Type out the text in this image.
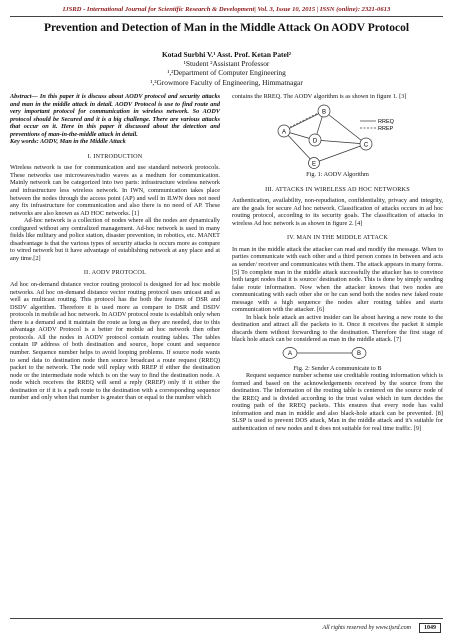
IJSRD - International Journal for Scientific Research & Development| Vol. 3, Issue 10, 2015 | ISSN (online): 2321-0613
Prevention and Detection of Man in the Middle Attack On AODV Protocol
Kotad Surbhi V.¹ Asst. Prof. Ketan Patel²
¹Student ²Assistant Professor
¹,²Department of Computer Engineering
¹,²Growmore Faculty of Engineering, Himmatnagar

Abstract— In this paper it is discuss about AODV protocol and security attacks and man in the middle attack in detail. AODV Protocol is use to find route and very important protocol for communication in wireless network. So AODV protocol should be Secured and it is a big challenge. There are various attacks that occur on it. Here in this paper it discussed about the detection and preventions of man-in-the-middle attack in detail.

Key words: AODV, Man in the Middle Attack

I. INTRODUCTION

Wireless network is use for communication and use standard network protocols. These networks use microwaves/radio waves as a medium for communication. Mainly network can be categorized into two parts: infrastructure wireless network and infrastructure less wireless network. In IWN, communication takes place between the nodes through the access point (AP) and well in ILWN does not need any fix infrastructure for communication and also there is no need of AP. These networks are also known as AD HOC networks. [1]

Ad-hoc network is a collection of nodes where all the nodes are dynamically configured without any centralized management. Ad-hoc network is used in many fields like military and police station, disaster prevention, in robotics, etc. MANET disadvantage is that the various types of security attacks is occurs more as compare to wired network but it have advantage of establishing network at any place and at any time.[2]

II. AODV PROTOCOL

Ad hoc on-demand distance vector routing protocol is designed for ad hoc mobile networks. Ad hoc on-demand distance vector routing protocol uses unicast and as well as multicast routing. This protocol has the both the features of DSR and DSDV algorithm. Therefore it is used more as compare to DSR and DSDV protocols in mobile ad hoc network. In AODV protocol route is establish only when there is a demand and it maintain the route as long as they are needed, due to this advantage AODV Protocol is a better for mobile ad hoc network then other protocols. All the nodes in AODV protocol contain routing tables. The tables contain IP address of both destination and source, hope count and sequence number. Sequence number helps to avoid looping problems. If source node wants to send data to destination node then source broadcast a route request (RREQ) packet to the network. The node will replay with RREP if either the destination node or the intermediate node which is on the way to find the destination node. A node which receives the RREQ will send a reply (RREP) only if it either the destination or if it is a path route to the destination with a corresponding sequence number and only when that number is greater than or equal to the number which

contains the RREQ. The AODV algorithm is as shown in figure 1. [3]

A
B
D
C
E
RREQ
RREP

Fig. 1: AODV Algorithm

III. ATTACKS IN WIRELESS AD HOC NETWORKS

Authentication, availability, non-repudiation, confidentiality, privacy and integrity, are the goals for secure Ad hoc network. Classification of attacks occurs in ad hoc routing protocol, according to its security goals. The classification of attacks in wireless Ad hoc network is as shown in figure 2. [4]

IV. MAN IN THE MIDDLE ATTACK

In man in the middle attack the attacker can read and modify the message. When to parties communicate with each other and a third person comes in between and acts as sender/ receiver and communicates with them. The attack appears in many forms. [5] To complete man in the middle attack successfully the attacker has to convince both target nodes that it is source/ destination node. This is done by simply sending false route information. Now when the attacker knows that two nodes are communicating with each other she or he can send both the nodes new faked route message with a high sequence the nodes alter routing tables and starts communication with the attacker. [6]

In black hole attack an active insider can lie about having a new route to the destination and attract all the packets to it. Once it receives the packet it simple discards them without forwarding to the destination. Therefore the first stage of black hole attack can be considered as man in the middle attack. [7]

A	B

Fig. 2: Sender A communicate to B

Request sequence number scheme use creditable routing information which is formed and based on the acknowledgements received by the source from the destination. The information of the routing table is centered on the source node of the RREQ and is divided according to the trust value which in turn decides the routing path of the RREQ packets. This ensures that every node has valid information and man in middle and also black-hole attack can be prevented. [8] SLSP is used to prevent DOS attack, Man in the middle attack and it's suitable for authentication of new nodes and it does not suitable for real time traffic. [9]

All rights reserved by www.ijsrd.com	1049
